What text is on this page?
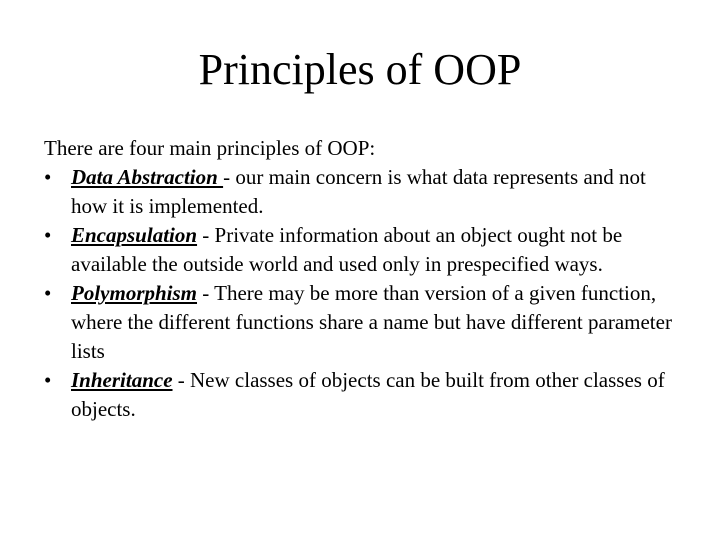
Principles of OOP

There are four main principles of OOP:

• Data Abstraction - our main concern is what data represents and not how it is implemented.
• Encapsulation - Private information about an object ought not be available the outside world and used only in prespecified ways.
• Polymorphism - There may be more than version of a given function, where the different functions share a name but have different parameter lists
• Inheritance - New classes of objects can be built from other classes of objects.
